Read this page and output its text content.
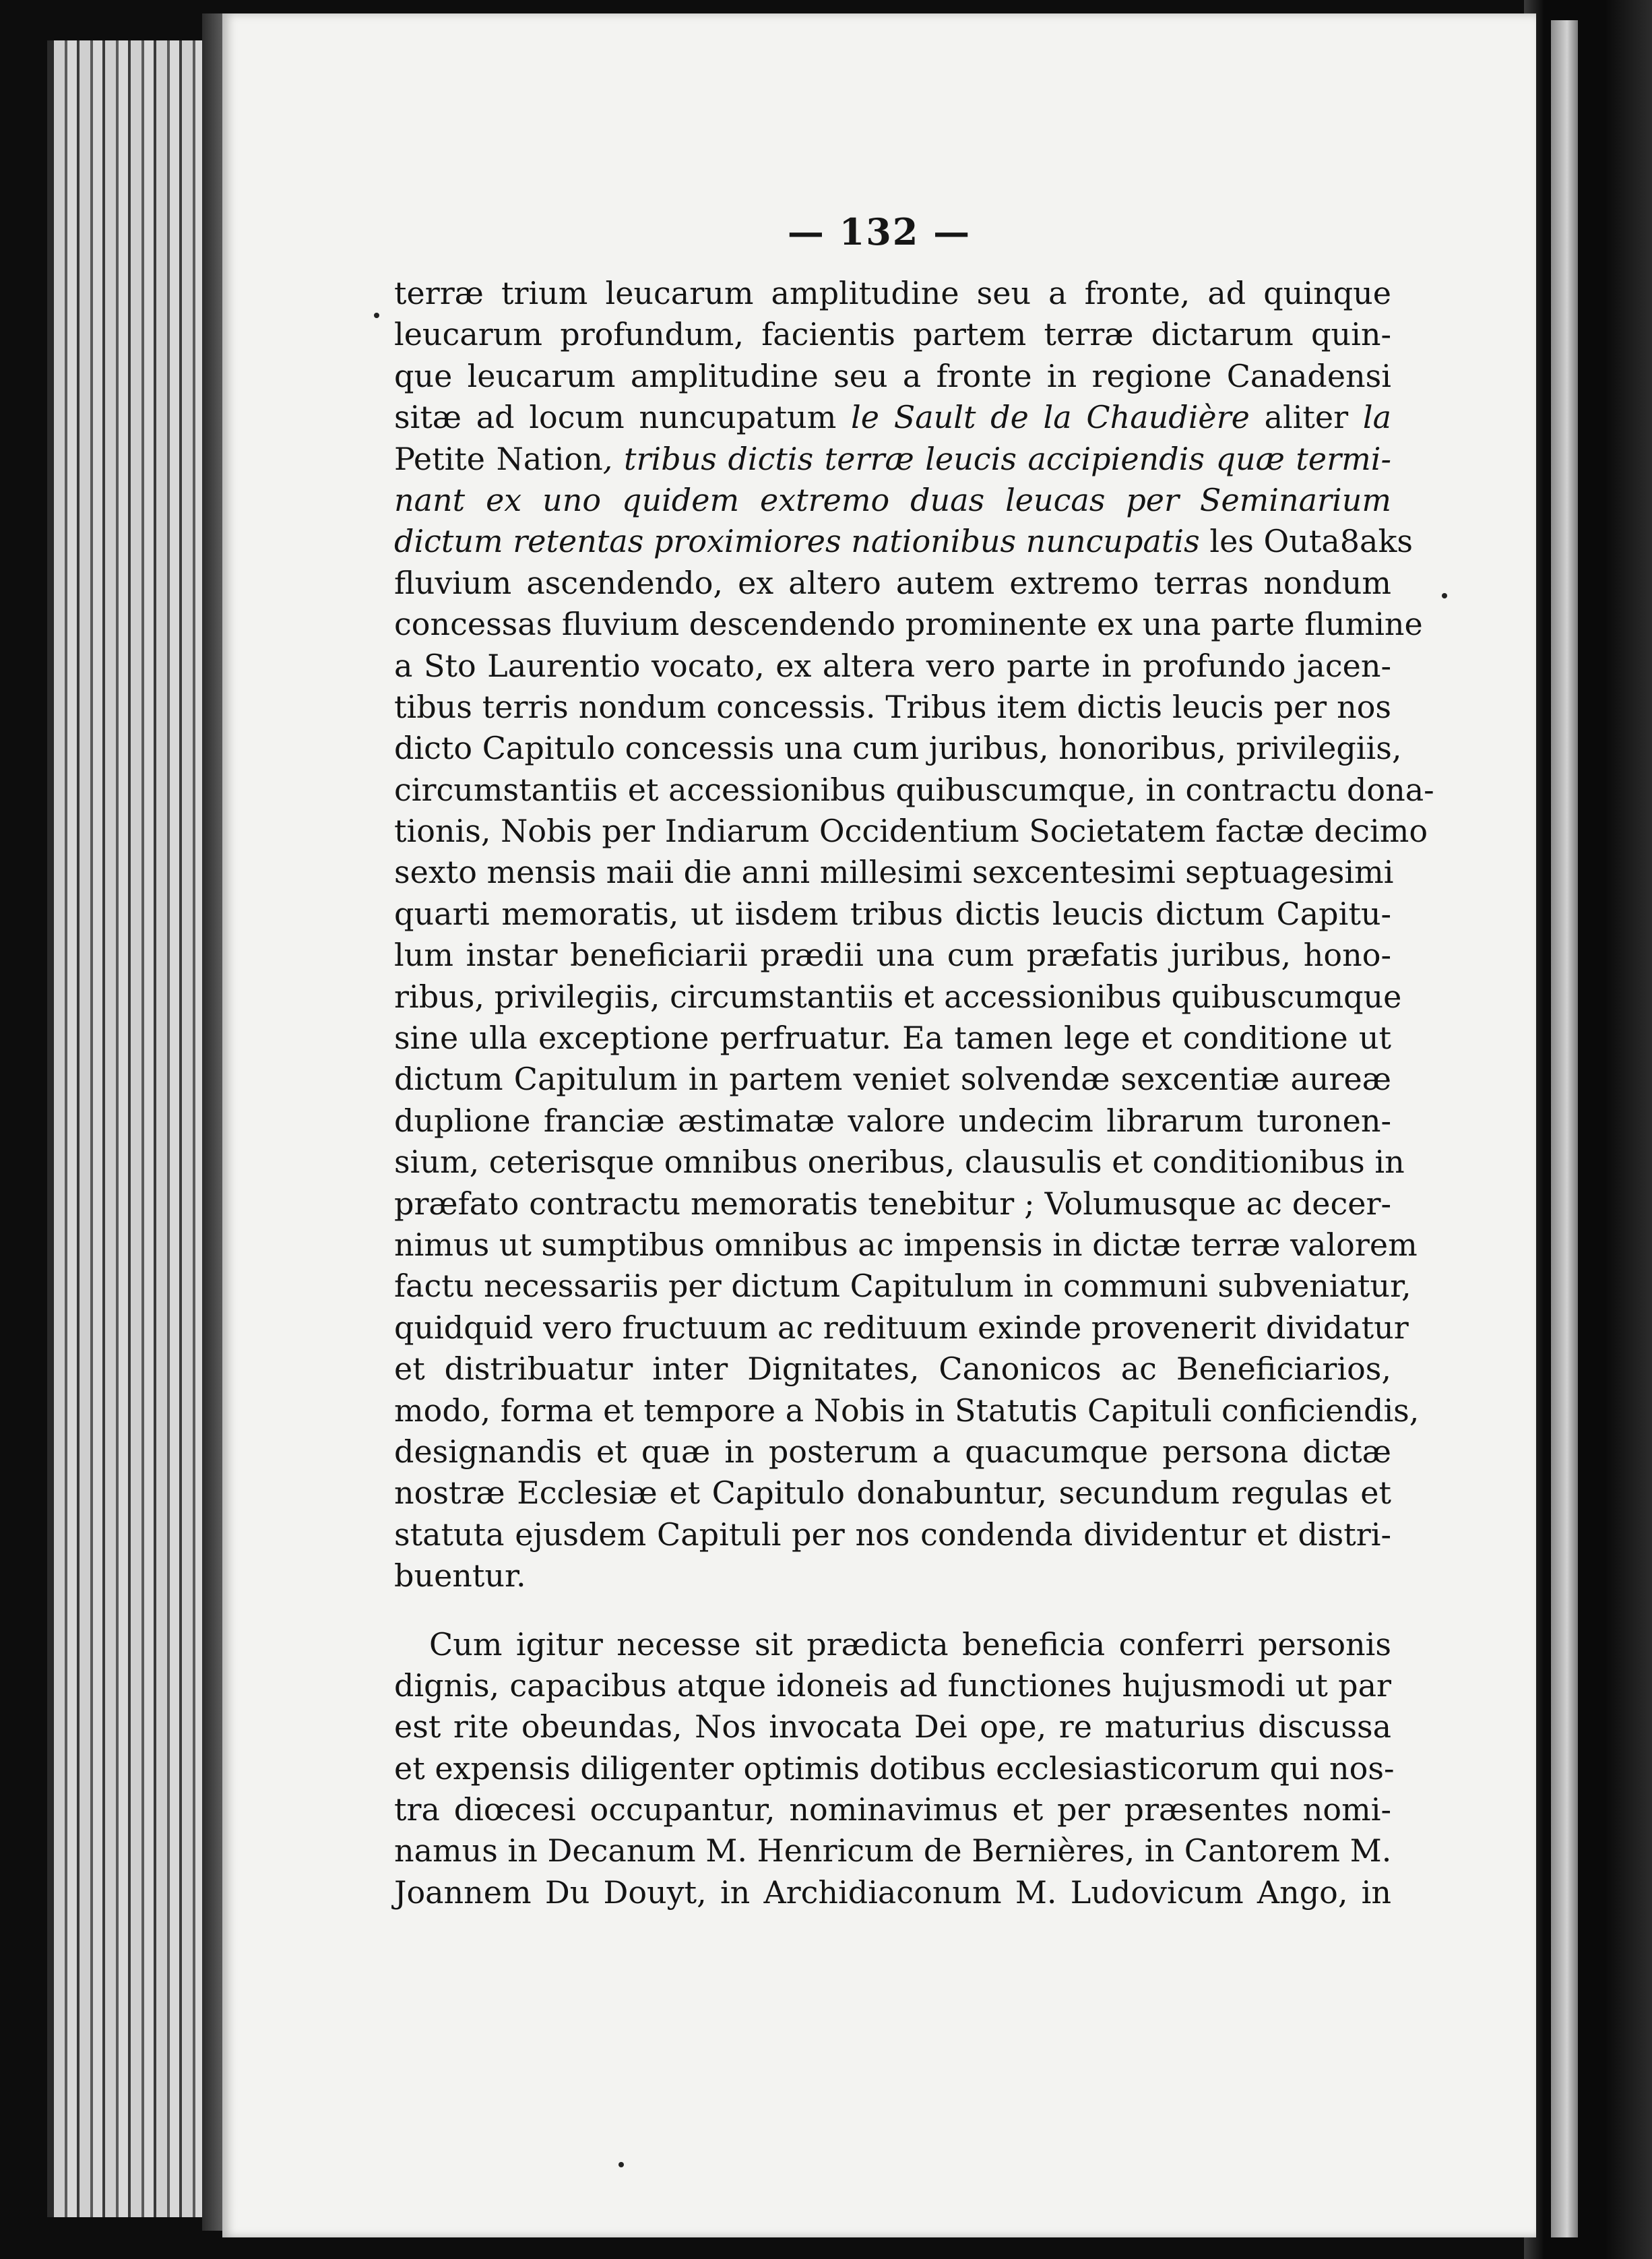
— 132 —
terræ trium leucarum amplitudine seu a fronte, ad quinque
leucarum profundum, facientis partem terræ dictarum quin-
que leucarum amplitudine seu a fronte in regione Canadensi
sitæ ad locum nuncupatum le Sault de la Chaudière aliter la
Petite Nation, tribus dictis terræ leucis accipiendis quæ termi-
nant ex uno quidem extremo duas leucas per Seminarium
dictum retentas proximiores nationibus nuncupatis les Outa8aks
fluvium ascendendo, ex altero autem extremo terras nondum
concessas fluvium descendendo prominente ex una parte flumine
a Sto Laurentio vocato, ex altera vero parte in profundo jacen-
tibus terris nondum concessis. Tribus item dictis leucis per nos
dicto Capitulo concessis una cum juribus, honoribus, privilegiis,
circumstantiis et accessionibus quibuscumque, in contractu dona-
tionis, Nobis per Indiarum Occidentium Societatem factæ decimo
sexto mensis maii die anni millesimi sexcentesimi septuagesimi
quarti memoratis, ut iisdem tribus dictis leucis dictum Capitu-
lum instar beneficiarii prædii una cum præfatis juribus, hono-
ribus, privilegiis, circumstantiis et accessionibus quibuscumque
sine ulla exceptione perfruatur. Ea tamen lege et conditione ut
dictum Capitulum in partem veniet solvendæ sexcentiæ aureæ
duplione franciæ æstimatæ valore undecim librarum turonen-
sium, ceterisque omnibus oneribus, clausulis et conditionibus in
præfato contractu memoratis tenebitur ; Volumusque ac decer-
nimus ut sumptibus omnibus ac impensis in dictæ terræ valorem
factu necessariis per dictum Capitulum in communi subveniatur,
quidquid vero fructuum ac redituum exinde provenerit dividatur
et distribuatur inter Dignitates, Canonicos ac Beneficiarios,
modo, forma et tempore a Nobis in Statutis Capituli conficiendis,
designandis et quæ in posterum a quacumque persona dictæ
nostræ Ecclesiæ et Capitulo donabuntur, secundum regulas et
statuta ejusdem Capituli per nos condenda dividentur et distri-
buentur.
Cum igitur necesse sit prædicta beneficia conferri personis
dignis, capacibus atque idoneis ad functiones hujusmodi ut par
est rite obeundas, Nos invocata Dei ope, re maturius discussa
et expensis diligenter optimis dotibus ecclesiasticorum qui nos-
tra diœcesi occupantur, nominavimus et per præsentes nomi-
namus in Decanum M. Henricum de Bernières, in Cantorem M.
Joannem Du Douyt, in Archidiaconum M. Ludovicum Ango, in
